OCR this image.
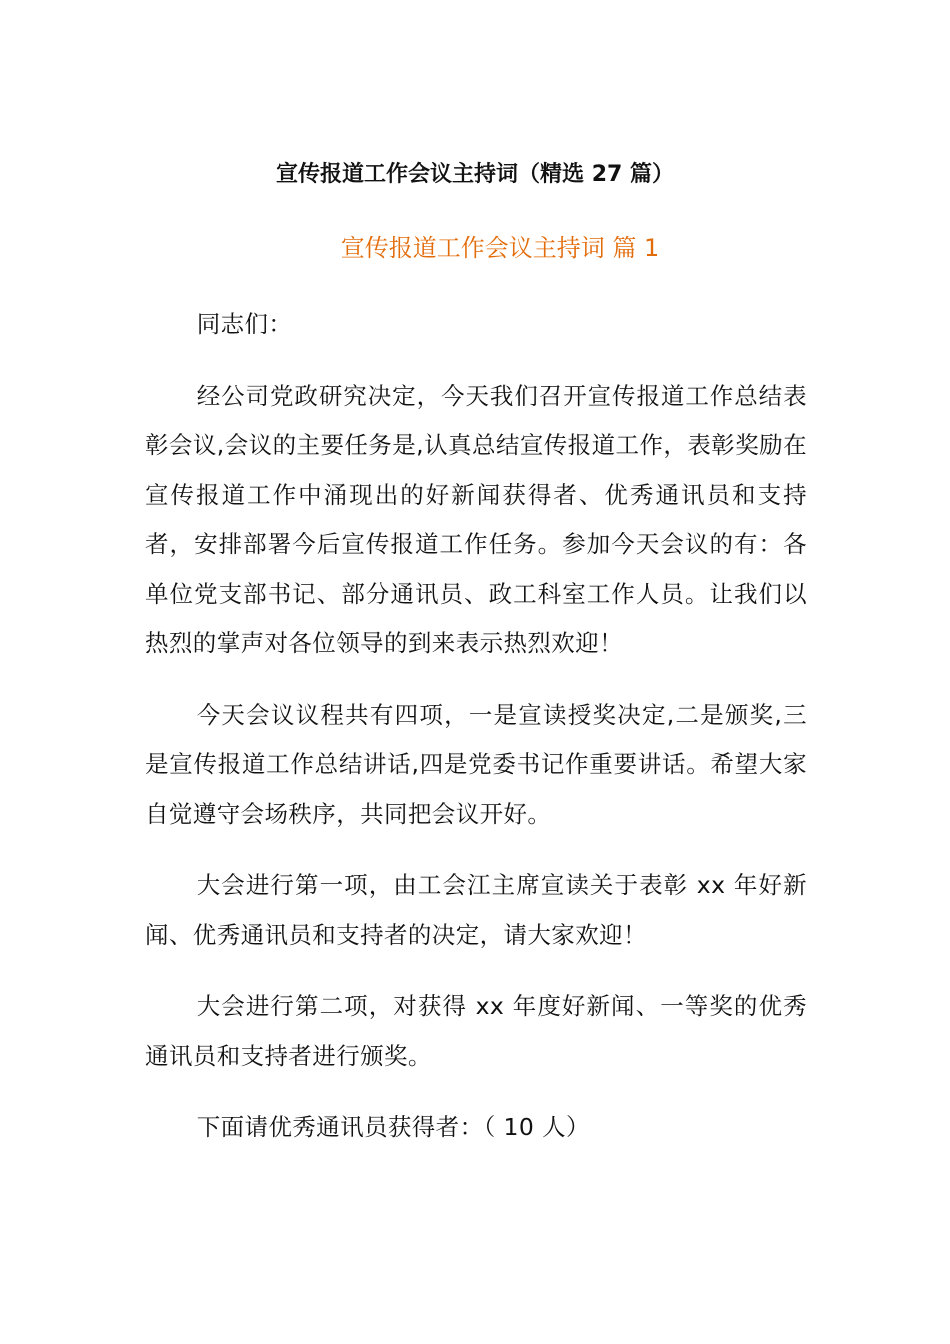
宣传报道工作会议主持词（精选 27 篇）
宣传报道工作会议主持词 篇 1

同志们：

经公司党政研究决定，今天我们召开宣传报道工作总结表彰会议,会议的主要任务是,认真总结宣传报道工作，表彰奖励在宣传报道工作中涌现出的好新闻获得者、优秀通讯员和支持者，安排部署今后宣传报道工作任务。参加今天会议的有：各单位党支部书记、部分通讯员、政工科室工作人员。让我们以热烈的掌声对各位领导的到来表示热烈欢迎！

今天会议议程共有四项，一是宣读授奖决定,二是颁奖,三是宣传报道工作总结讲话,四是党委书记作重要讲话。希望大家自觉遵守会场秩序，共同把会议开好。

大会进行第一项，由工会江主席宣读关于表彰 xx 年好新闻、优秀通讯员和支持者的决定，请大家欢迎！

大会进行第二项，对获得 xx 年度好新闻、一等奖的优秀通讯员和支持者进行颁奖。

下面请优秀通讯员获得者：（ 10 人）
